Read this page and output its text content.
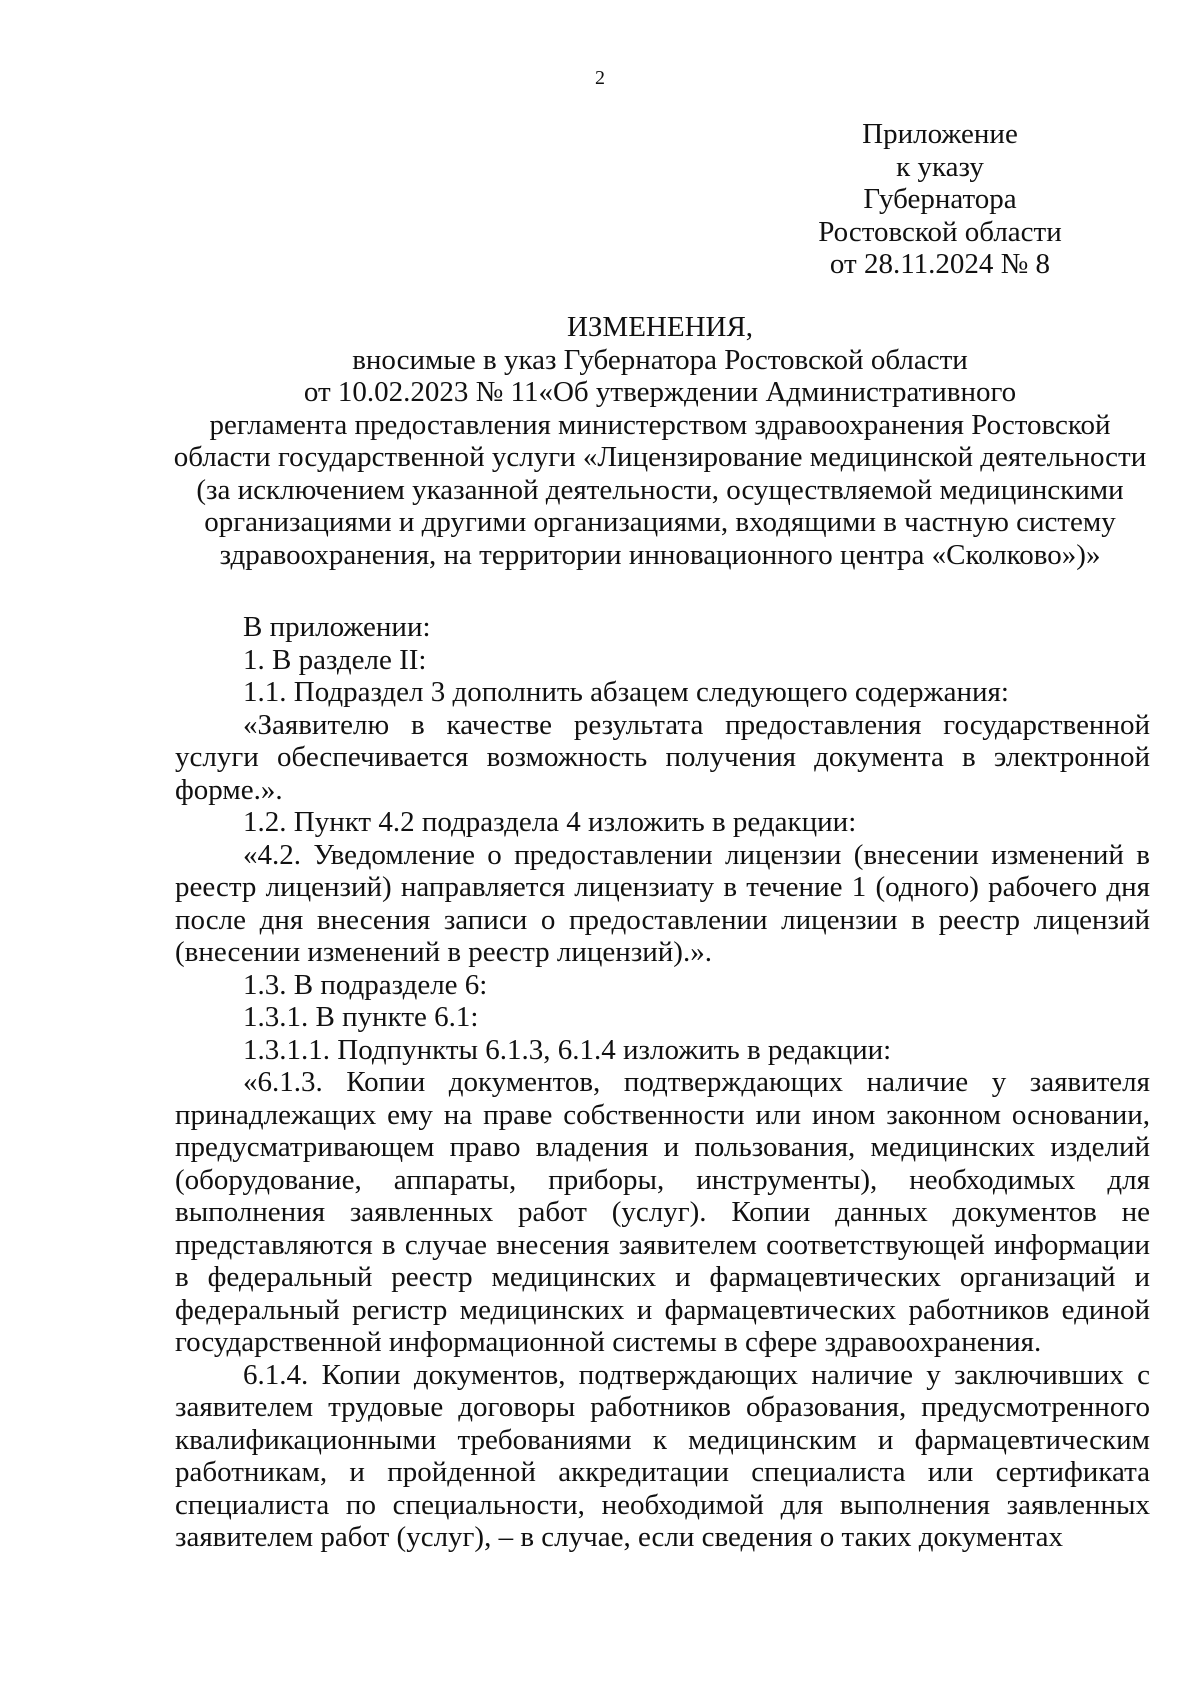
2
Приложение
к указу
Губернатора
Ростовской области
от 28.11.2024 № 8
ИЗМЕНЕНИЯ,
вносимые в указ Губернатора Ростовской области
от 10.02.2023 № 11«Об утверждении Административного
регламента предоставления министерством здравоохранения Ростовской
области государственной услуги «Лицензирование медицинской деятельности
(за исключением указанной деятельности, осуществляемой медицинскими
организациями и другими организациями, входящими в частную систему
здравоохранения, на территории инновационного центра «Сколково»)»

В приложении:

1. В разделе II:

1.1. Подраздел 3 дополнить абзацем следующего содержания:

«Заявителю в качестве результата предоставления государственной услуги обеспечивается возможность получения документа в электронной форме.».

1.2. Пункт 4.2 подраздела 4 изложить в редакции:

«4.2. Уведомление о предоставлении лицензии (внесении изменений в реестр лицензий) направляется лицензиату в течение 1 (одного) рабочего дня после дня внесения записи о предоставлении лицензии в реестр лицензий (внесении изменений в реестр лицензий).».

1.3. В подразделе 6:

1.3.1. В пункте 6.1:

1.3.1.1. Подпункты 6.1.3, 6.1.4 изложить в редакции:

«6.1.3. Копии документов, подтверждающих наличие у заявителя принадлежащих ему на праве собственности или ином законном основании, предусматривающем право владения и пользования, медицинских изделий (оборудование, аппараты, приборы, инструменты), необходимых для выполнения заявленных работ (услуг). Копии данных документов не представляются в случае внесения заявителем соответствующей информации в федеральный реестр медицинских и фармацевтических организаций и федеральный регистр медицинских и фармацевтических работников единой государственной информационной системы в сфере здравоохранения.

6.1.4. Копии документов, подтверждающих наличие у заключивших с заявителем трудовые договоры работников образования, предусмотренного квалификационными требованиями к медицинским и фармацевтическим работникам, и пройденной аккредитации специалиста или сертификата специалиста по специальности, необходимой для выполнения заявленных заявителем работ (услуг), – в случае, если сведения о таких документах
